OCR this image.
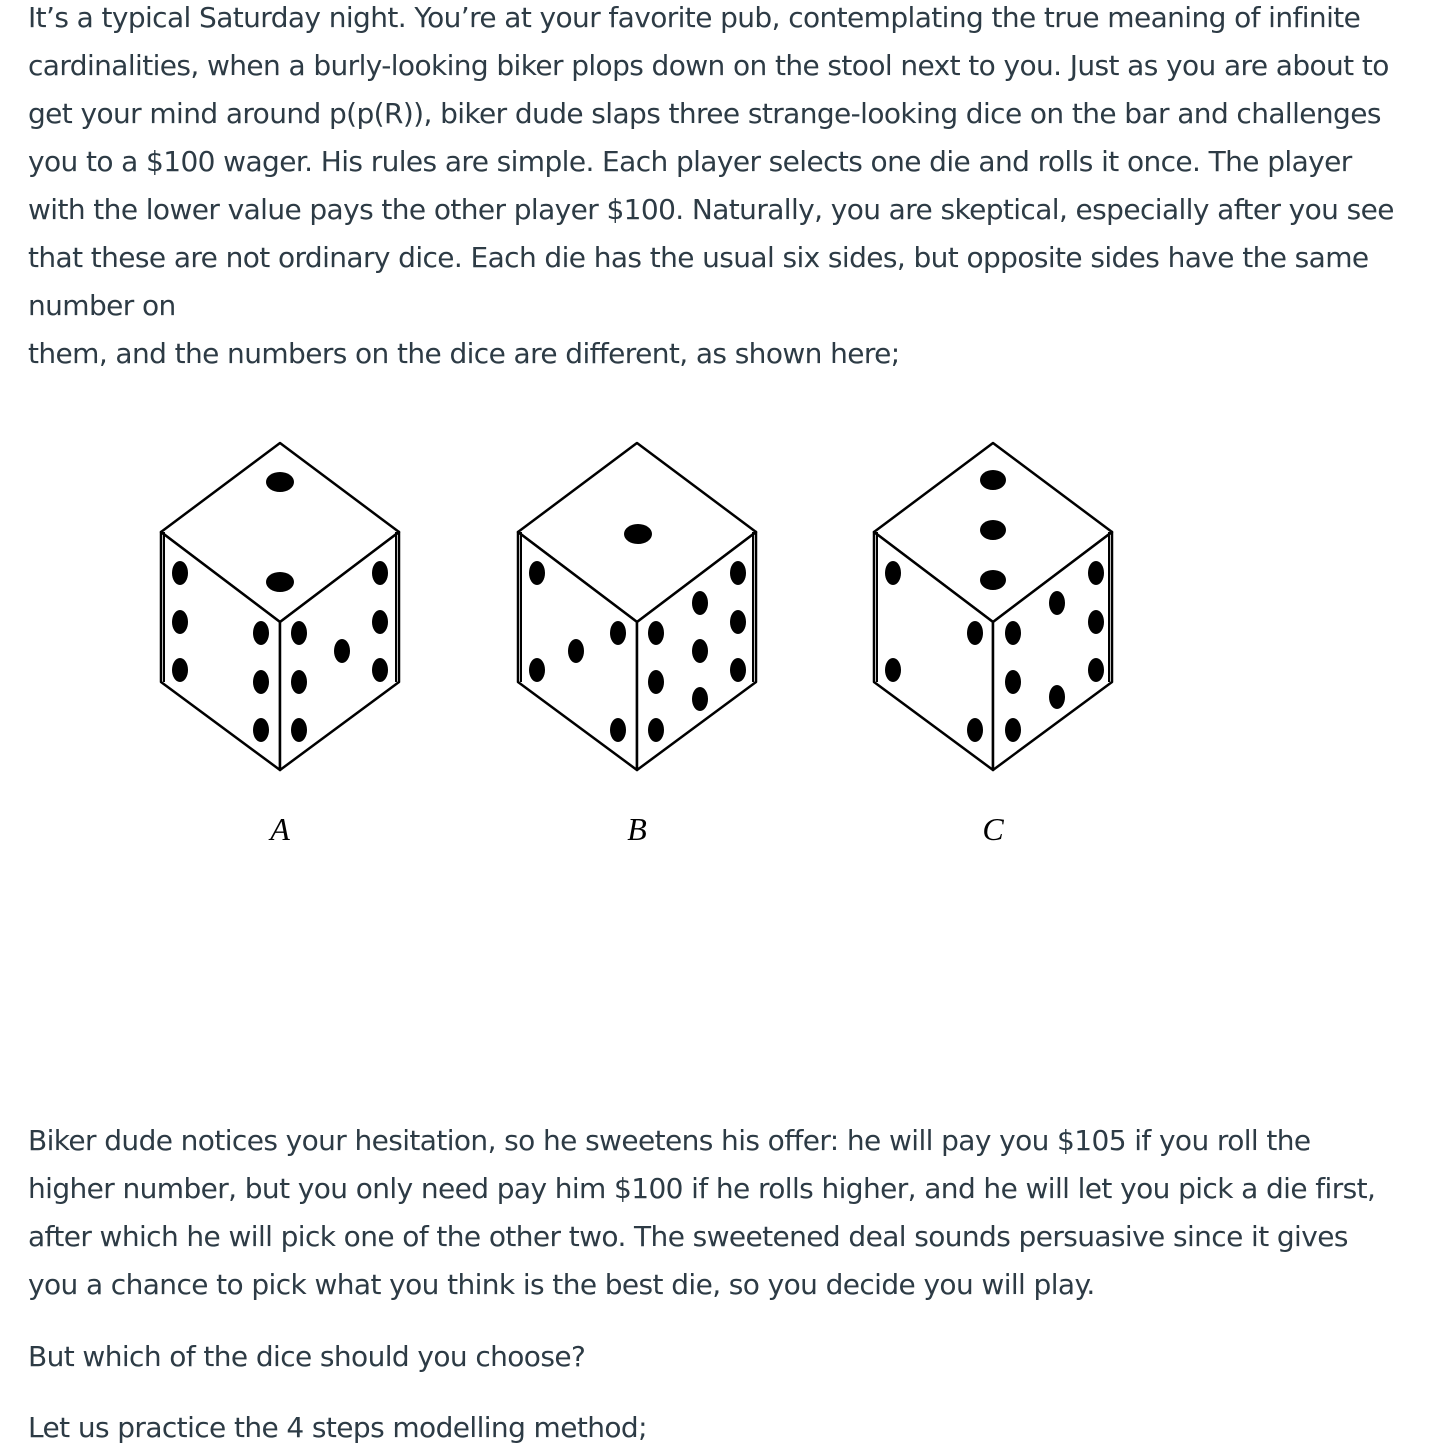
It’s a typical Saturday night. You’re at your favorite pub, contemplating the true meaning of infinite
cardinalities, when a burly-looking biker plops down on the stool next to you. Just as you are about to
get your mind around p(p(R)), biker dude slaps three strange-looking dice on the bar and challenges
you to a $100 wager. His rules are simple. Each player selects one die and rolls it once. The player
with the lower value pays the other player $100. Naturally, you are skeptical, especially after you see
that these are not ordinary dice. Each die has the usual six sides, but opposite sides have the same
number on
them, and the numbers on the dice are different, as shown here;
A	B	C
Biker dude notices your hesitation, so he sweetens his offer: he will pay you $105 if you roll the
higher number, but you only need pay him $100 if he rolls higher, and he will let you pick a die first,
after which he will pick one of the other two. The sweetened deal sounds persuasive since it gives
you a chance to pick what you think is the best die, so you decide you will play.
But which of the dice should you choose?
Let us practice the 4 steps modelling method;
